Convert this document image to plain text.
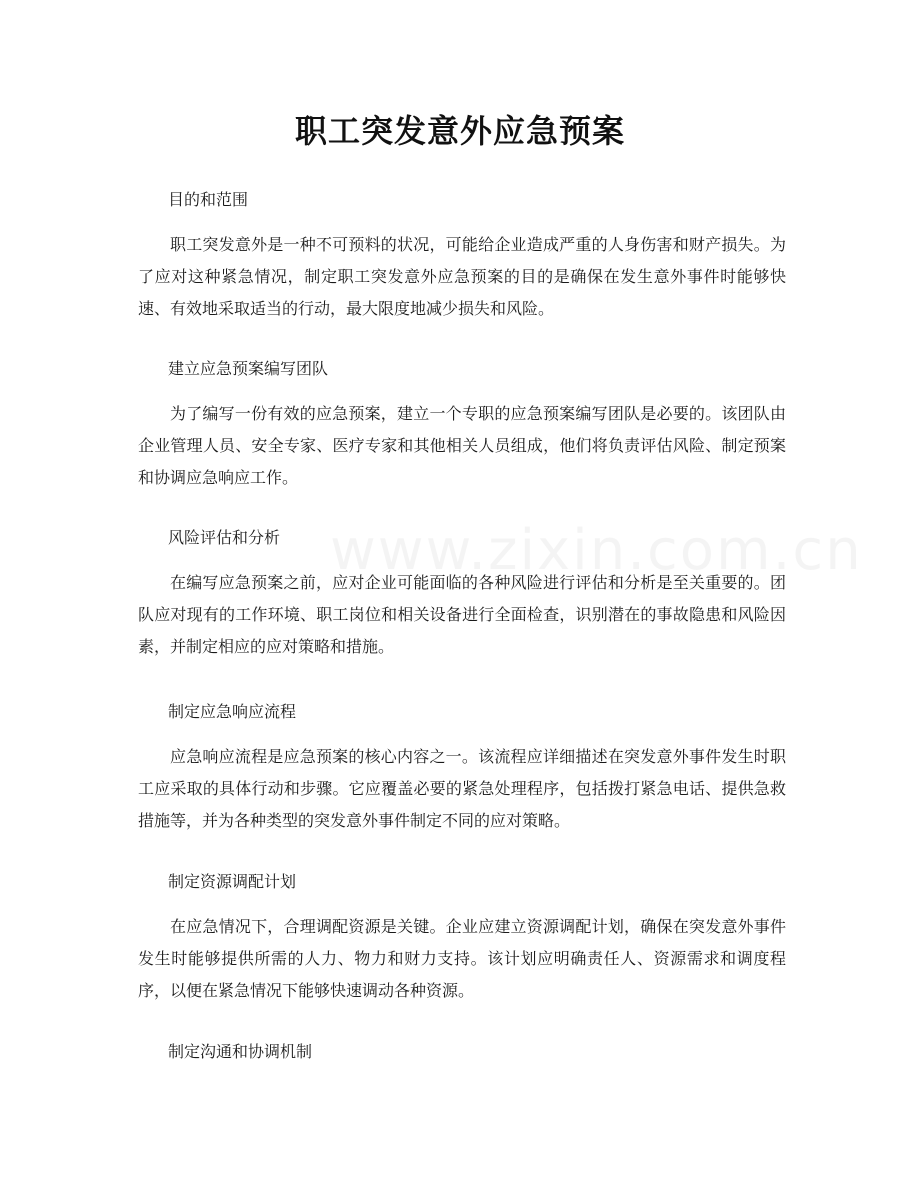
职工突发意外应急预案

目的和范围

职工突发意外是一种不可预料的状况，可能给企业造成严重的人身伤害和财产损失。为了应对这种紧急情况，制定职工突发意外应急预案的目的是确保在发生意外事件时能够快速、有效地采取适当的行动，最大限度地减少损失和风险。

建立应急预案编写团队

为了编写一份有效的应急预案，建立一个专职的应急预案编写团队是必要的。该团队由企业管理人员、安全专家、医疗专家和其他相关人员组成，他们将负责评估风险、制定预案和协调应急响应工作。

风险评估和分析

在编写应急预案之前，应对企业可能面临的各种风险进行评估和分析是至关重要的。团队应对现有的工作环境、职工岗位和相关设备进行全面检查，识别潜在的事故隐患和风险因素，并制定相应的应对策略和措施。

制定应急响应流程

应急响应流程是应急预案的核心内容之一。该流程应详细描述在突发意外事件发生时职工应采取的具体行动和步骤。它应覆盖必要的紧急处理程序，包括拨打紧急电话、提供急救措施等，并为各种类型的突发意外事件制定不同的应对策略。

制定资源调配计划

在应急情况下，合理调配资源是关键。企业应建立资源调配计划，确保在突发意外事件发生时能够提供所需的人力、物力和财力支持。该计划应明确责任人、资源需求和调度程序，以便在紧急情况下能够快速调动各种资源。

制定沟通和协调机制
